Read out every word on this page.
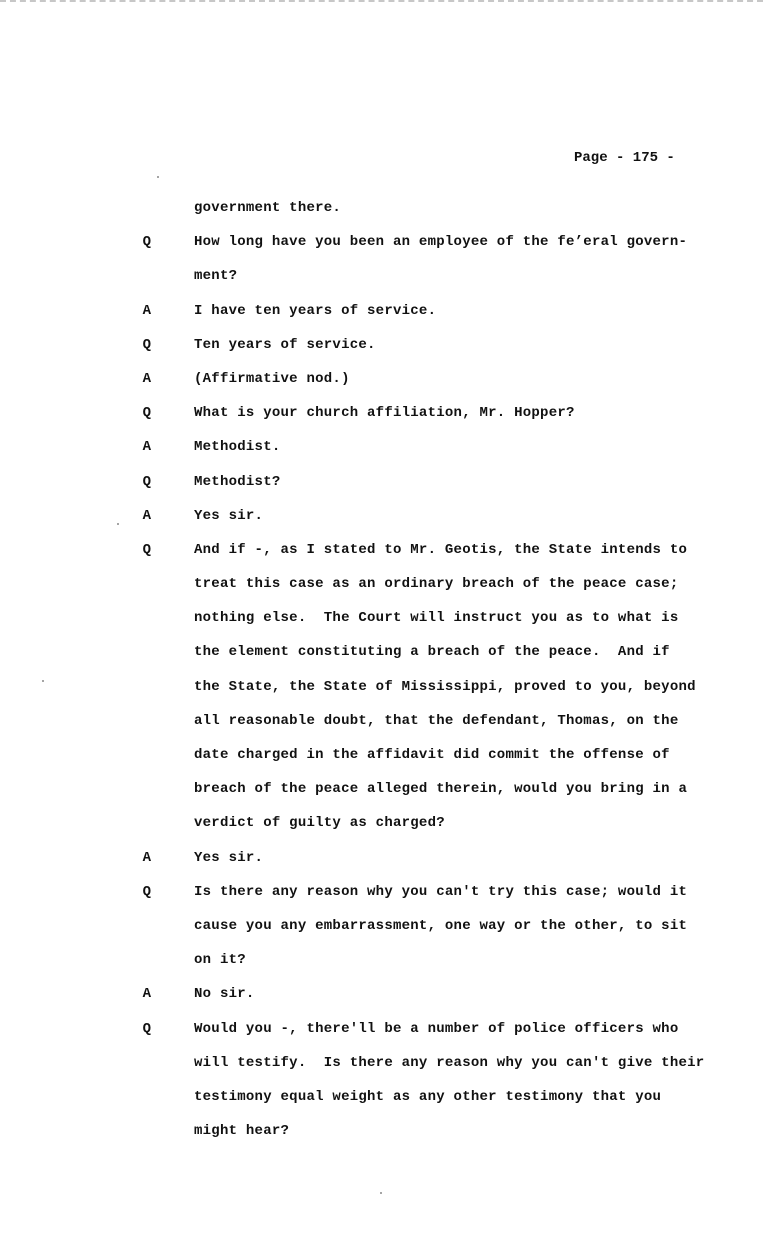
Page - 175 -
government there.
Q	How long have you been an employee of the fe’eral govern-
ment?
A	I have ten years of service.
Q	Ten years of service.
A	(Affirmative nod.)
Q	What is your church affiliation, Mr. Hopper?
A	Methodist.
Q	Methodist?
A	Yes sir.
Q	And if -, as I stated to Mr. Geotis, the State intends to
treat this case as an ordinary breach of the peace case;
nothing else.  The Court will instruct you as to what is
the element constituting a breach of the peace.  And if
the State, the State of Mississippi, proved to you, beyond
all reasonable doubt, that the defendant, Thomas, on the
date charged in the affidavit did commit the offense of
breach of the peace alleged therein, would you bring in a
verdict of guilty as charged?
A	Yes sir.
Q	Is there any reason why you can't try this case; would it
cause you any embarrassment, one way or the other, to sit
on it?
A	No sir.
Q	Would you -, there'll be a number of police officers who
will testify.  Is there any reason why you can't give their
testimony equal weight as any other testimony that you
might hear?
